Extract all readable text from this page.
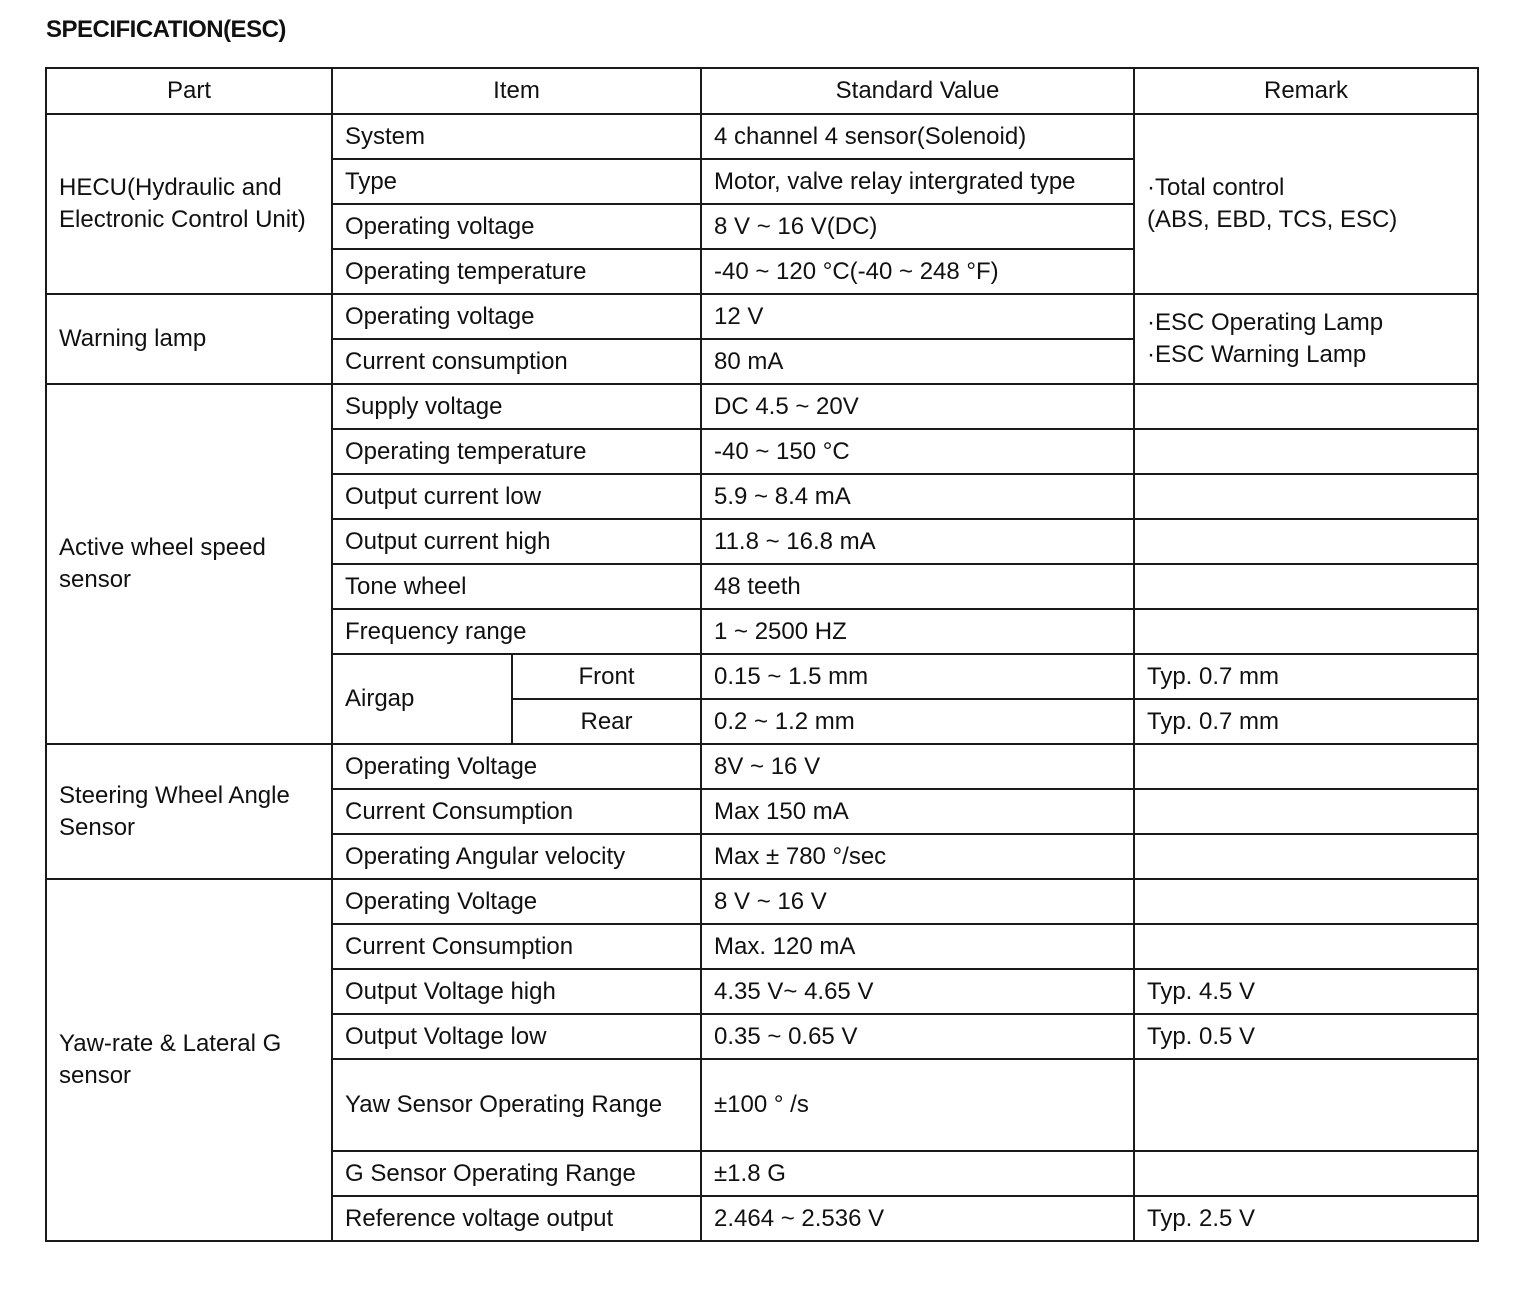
SPECIFICATION(ESC)
Part	Item		Standard Value	Remark
HECU(Hydraulic and Electronic Control Unit)	System		4 channel 4 sensor(Solenoid)	·Total control
(ABS, EBD, TCS, ESC)

	Type		Motor, valve relay intergrated type	
	Operating voltage		8 V ~ 16 V(DC)	
	Operating temperature		-40 ~ 120 °C(-40 ~ 248 °F)	
Warning lamp	Operating voltage		12 V	·ESC Operating Lamp
·ESC Warning Lamp

	Current consumption		80 mA	
Active wheel speed sensor	Supply voltage		DC 4.5 ~ 20V	
	Operating temperature		-40 ~ 150 °C	
	Output current low		5.9 ~ 8.4 mA	
	Output current high		11.8 ~ 16.8 mA	
	Tone wheel		48 teeth	
	Frequency range		1 ~ 2500 HZ	
	Airgap	Front	0.15 ~ 1.5 mm	Typ. 0.7 mm
		Rear	0.2 ~ 1.2 mm	Typ. 0.7 mm
Steering Wheel Angle Sensor	Operating Voltage		8V ~ 16 V	
	Current Consumption		Max 150 mA	
	Operating Angular velocity		Max ± 780 °/sec	
Yaw-rate & Lateral G sensor	Operating Voltage		8 V ~ 16 V	
	Current Consumption		Max. 120 mA	
	Output Voltage high		4.35 V~ 4.65 V	Typ. 4.5 V
	Output Voltage low		0.35 ~ 0.65 V	Typ. 0.5 V
	Yaw Sensor Operating Range		±100 ° /s	
	G Sensor Operating Range		±1.8 G	
	Reference voltage output		2.464 ~ 2.536 V	Typ. 2.5 V
